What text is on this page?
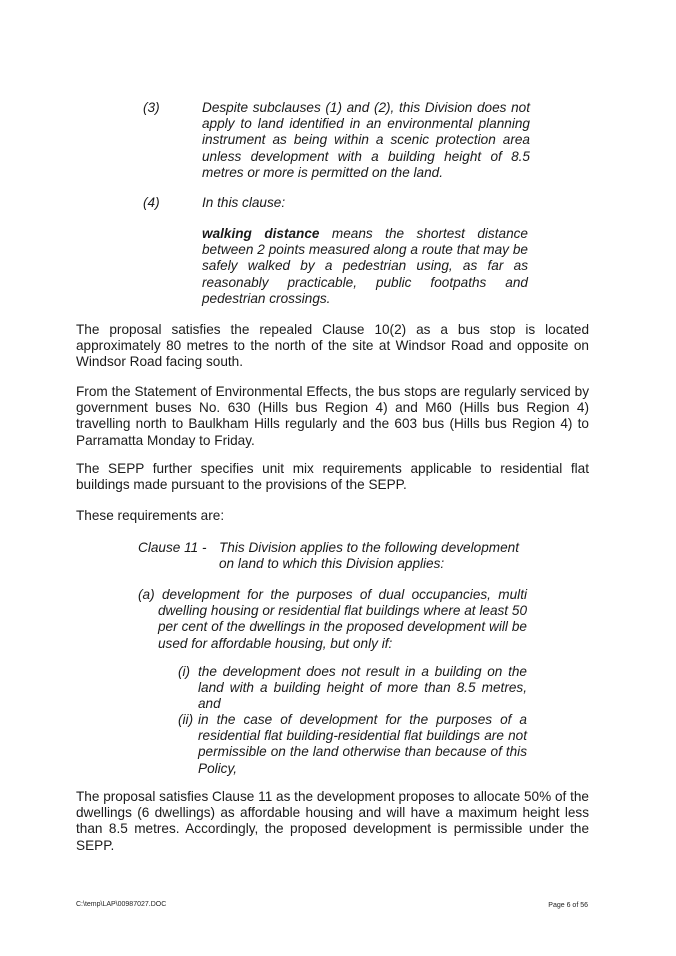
(3)	Despite subclauses (1) and (2), this Division does not apply to land identified in an environmental planning instrument as being within a scenic protection area unless development with a building height of 8.5 metres or more is permitted on the land.
(4)	In this clause:
walking distance means the shortest distance between 2 points measured along a route that may be safely walked by a pedestrian using, as far as reasonably practicable, public footpaths and pedestrian crossings.
The proposal satisfies the repealed Clause 10(2) as a bus stop is located approximately 80 metres to the north of the site at Windsor Road and opposite on Windsor Road facing south.
From the Statement of Environmental Effects, the bus stops are regularly serviced by government buses No. 630 (Hills bus Region 4) and M60 (Hills bus Region 4) travelling north to Baulkham Hills regularly and the 603 bus (Hills bus Region 4) to Parramatta Monday to Friday.
The SEPP further specifies unit mix requirements applicable to residential flat buildings made pursuant to the provisions of the SEPP.
These requirements are:
Clause 11 - This Division applies to the following development on land to which this Division applies:
(a) development for the purposes of dual occupancies, multi dwelling housing or residential flat buildings where at least 50 per cent of the dwellings in the proposed development will be used for affordable housing, but only if:
(i) the development does not result in a building on the land with a building height of more than 8.5 metres, and
(ii) in the case of development for the purposes of a residential flat building-residential flat buildings are not permissible on the land otherwise than because of this Policy,
The proposal satisfies Clause 11 as the development proposes to allocate 50% of the dwellings (6 dwellings) as affordable housing and will have a maximum height less than 8.5 metres. Accordingly, the proposed development is permissible under the SEPP.
C:\temp\LAP\00987027.DOC	Page 6 of 56
